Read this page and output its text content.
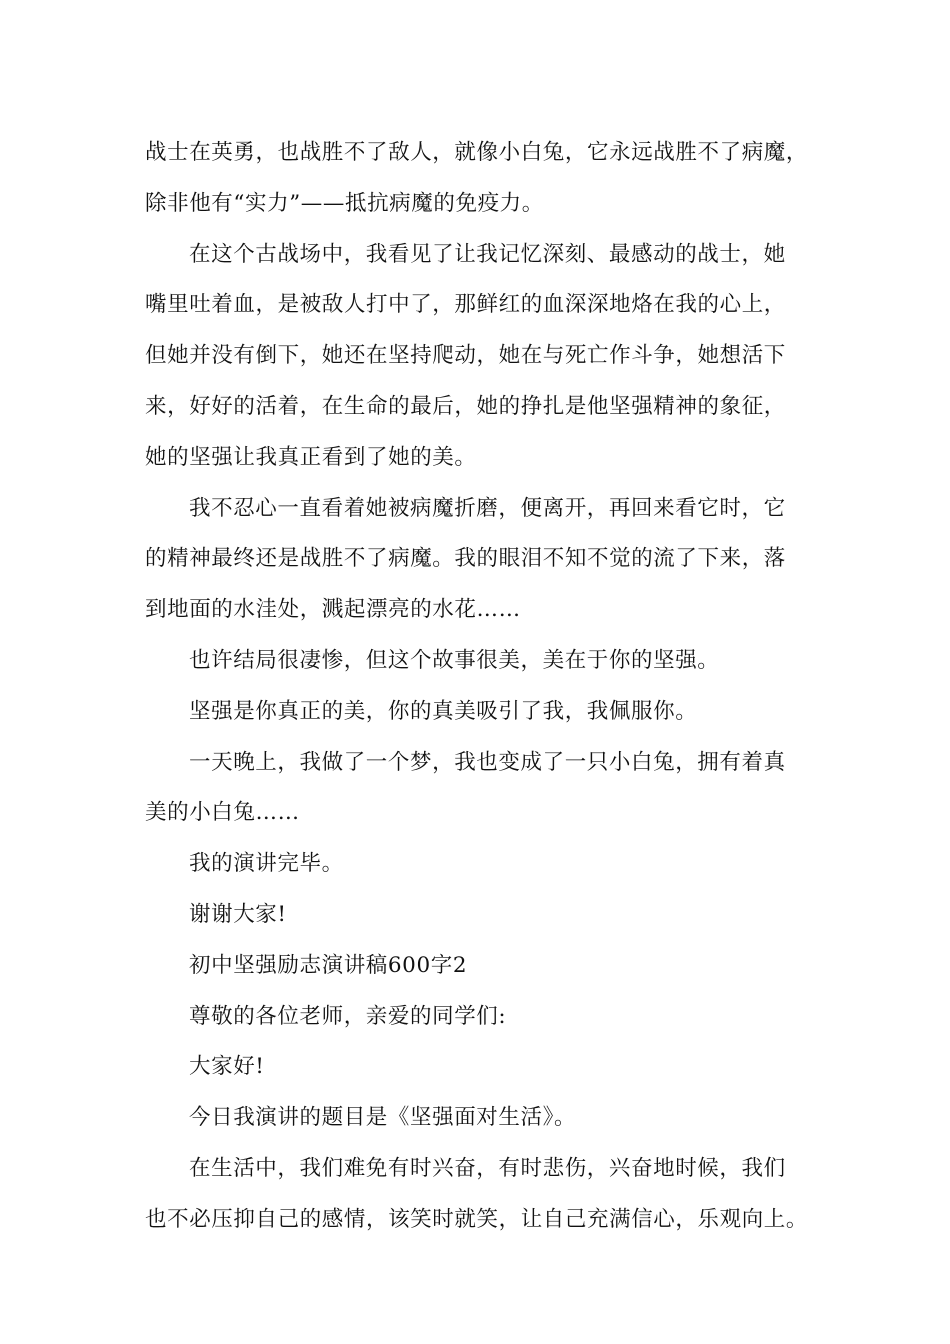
战士在英勇，也战胜不了敌人，就像小白兔，它永远战胜不了病魔，
除非他有“实力”——抵抗病魔的免疫力。

在这个古战场中，我看见了让我记忆深刻、最感动的战士，她
嘴里吐着血，是被敌人打中了，那鲜红的血深深地烙在我的心上，
但她并没有倒下，她还在坚持爬动，她在与死亡作斗争，她想活下
来，好好的活着，在生命的最后，她的挣扎是他坚强精神的象征，
她的坚强让我真正看到了她的美。

我不忍心一直看着她被病魔折磨，便离开，再回来看它时，它
的精神最终还是战胜不了病魔。我的眼泪不知不觉的流了下来，落
到地面的水洼处，溅起漂亮的水花……

也许结局很凄惨，但这个故事很美，美在于你的坚强。

坚强是你真正的美，你的真美吸引了我，我佩服你。

一天晚上，我做了一个梦，我也变成了一只小白兔，拥有着真
美的小白兔……

我的演讲完毕。

谢谢大家!

初中坚强励志演讲稿600字2

尊敬的各位老师，亲爱的同学们:

大家好!

今日我演讲的题目是《坚强面对生活》。

在生活中，我们难免有时兴奋，有时悲伤，兴奋地时候，我们
也不必压抑自己的感情，该笑时就笑，让自己充满信心，乐观向上。
